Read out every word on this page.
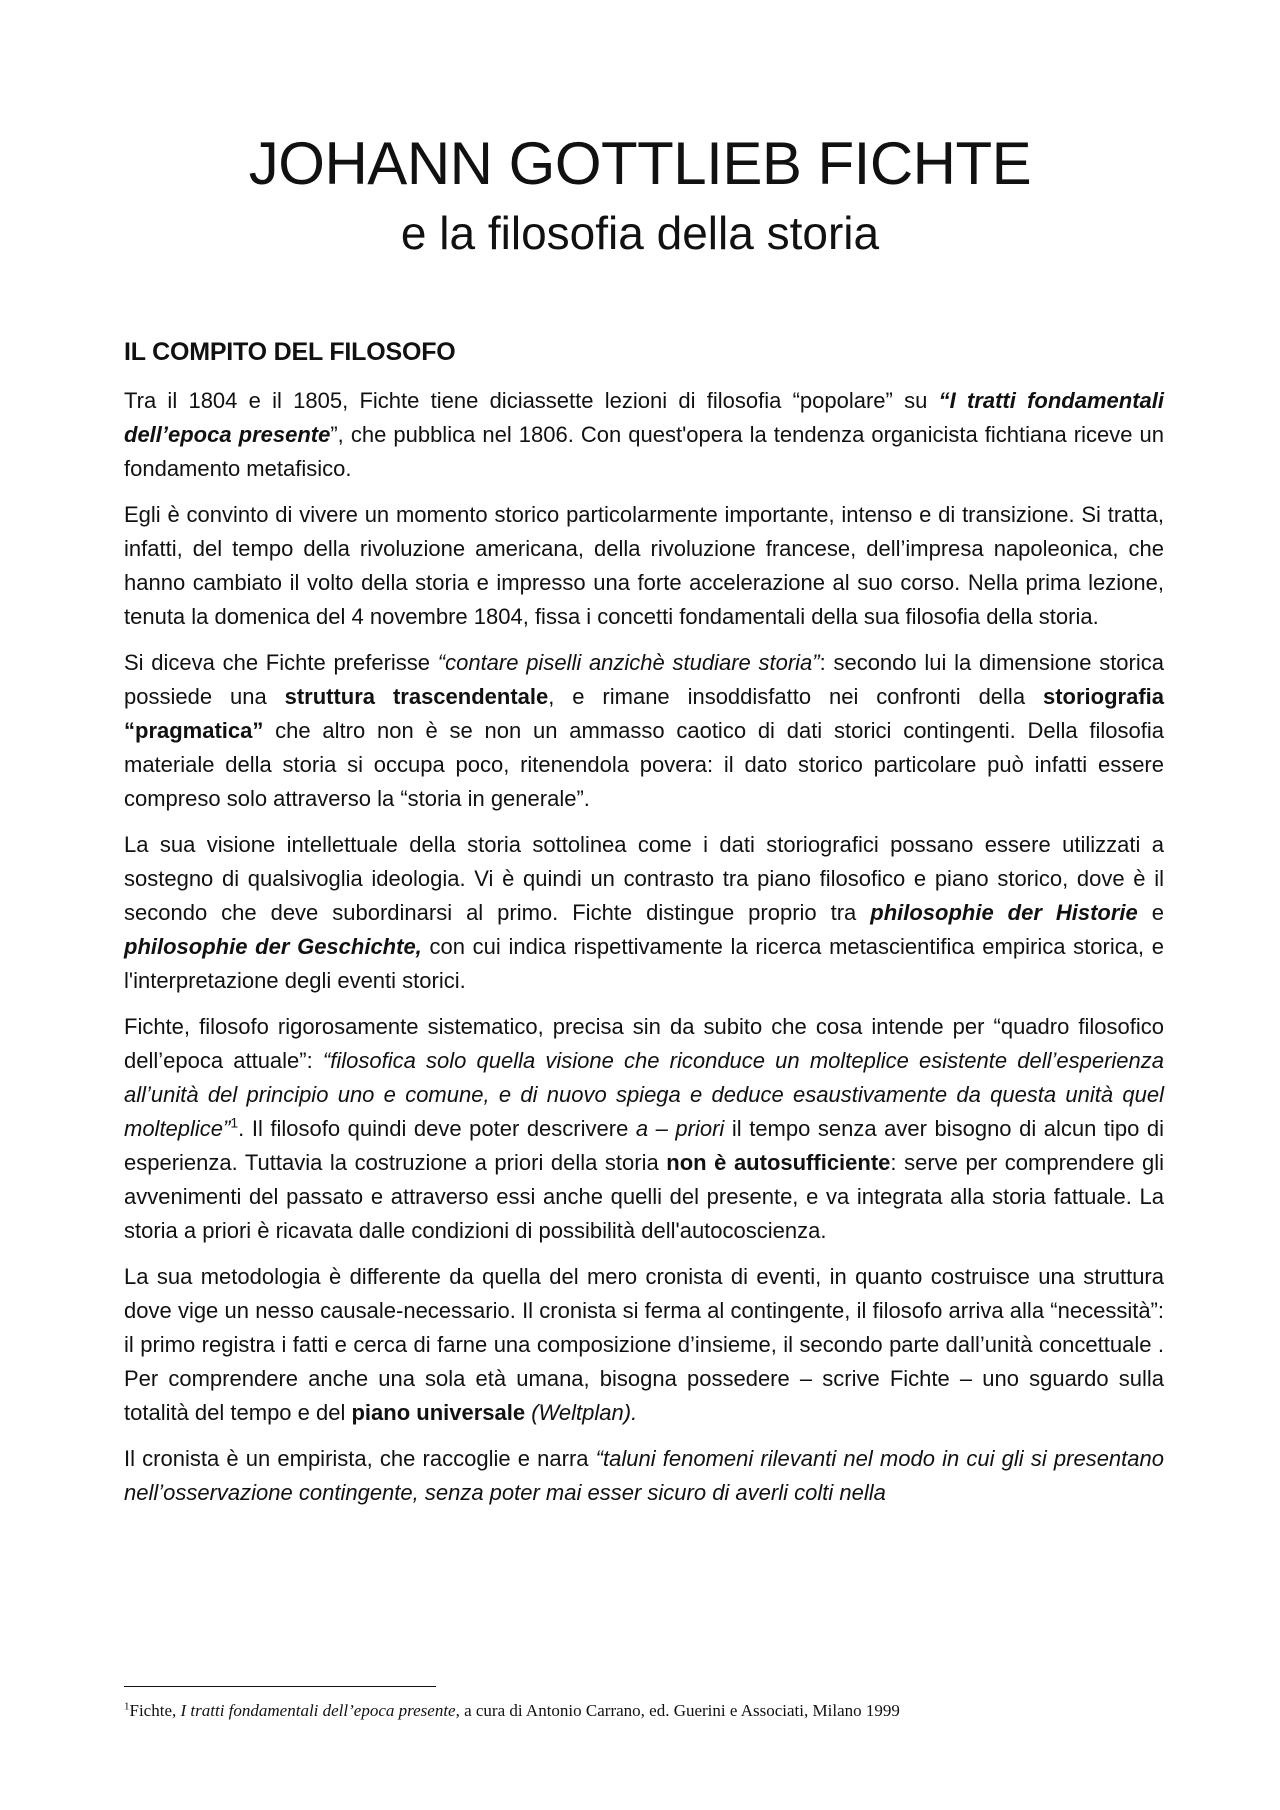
JOHANN GOTTLIEB FICHTE
e la filosofia della storia
IL COMPITO DEL FILOSOFO

Tra il 1804 e il 1805, Fichte tiene diciassette lezioni di filosofia “popolare” su “I tratti fondamentali dell’epoca presente”, che pubblica nel 1806. Con quest'opera la tendenza organicista fichtiana riceve un fondamento metafisico.

Egli è convinto di vivere un momento storico particolarmente importante, intenso e di transizione. Si tratta, infatti, del tempo della rivoluzione americana, della rivoluzione francese, dell’impresa napoleonica, che hanno cambiato il volto della storia e impresso una forte accelerazione al suo corso. Nella prima lezione, tenuta la domenica del 4 novembre 1804, fissa i concetti fondamentali della sua filosofia della storia.

Si diceva che Fichte preferisse “contare piselli anzichè studiare storia”: secondo lui la dimensione storica possiede una struttura trascendentale, e rimane insoddisfatto nei confronti della storiografia “pragmatica” che altro non è se non un ammasso caotico di dati storici contingenti. Della filosofia materiale della storia si occupa poco, ritenendola povera: il dato storico particolare può infatti essere compreso solo attraverso la “storia in generale”.

La sua visione intellettuale della storia sottolinea come i dati storiografici possano essere utilizzati a sostegno di qualsivoglia ideologia. Vi è quindi un contrasto tra piano filosofico e piano storico, dove è il secondo che deve subordinarsi al primo. Fichte distingue proprio tra philosophie der Historie e philosophie der Geschichte, con cui indica rispettivamente la ricerca metascientifica empirica storica, e l'interpretazione degli eventi storici.

Fichte, filosofo rigorosamente sistematico, precisa sin da subito che cosa intende per “quadro filosofico dell’epoca attuale”: “filosofica solo quella visione che riconduce un molteplice esistente dell’esperienza all’unità del principio uno e comune, e di nuovo spiega e deduce esaustivamente da questa unità quel molteplice”$^1$. Il filosofo quindi deve poter descrivere a – priori il tempo senza aver bisogno di alcun tipo di esperienza. Tuttavia la costruzione a priori della storia non è autosufficiente: serve per comprendere gli avvenimenti del passato e attraverso essi anche quelli del presente, e va integrata alla storia fattuale. La storia a priori è ricavata dalle condizioni di possibilità dell'autocoscienza.

La sua metodologia è differente da quella del mero cronista di eventi, in quanto costruisce una struttura dove vige un nesso causale-necessario. Il cronista si ferma al contingente, il filosofo arriva alla “necessità”: il primo registra i fatti e cerca di farne una composizione d’insieme, il secondo parte dall’unità concettuale . Per comprendere anche una sola età umana, bisogna possedere – scrive Fichte – uno sguardo sulla totalità del tempo e del piano universale (Weltplan).

Il cronista è un empirista, che raccoglie e narra “taluni fenomeni rilevanti nel modo in cui gli si presentano nell’osservazione contingente, senza poter mai esser sicuro di averli colti nella

$^1$Fichte, I tratti fondamentali dell’epoca presente, a cura di Antonio Carrano, ed. Guerini e Associati, Milano 1999
